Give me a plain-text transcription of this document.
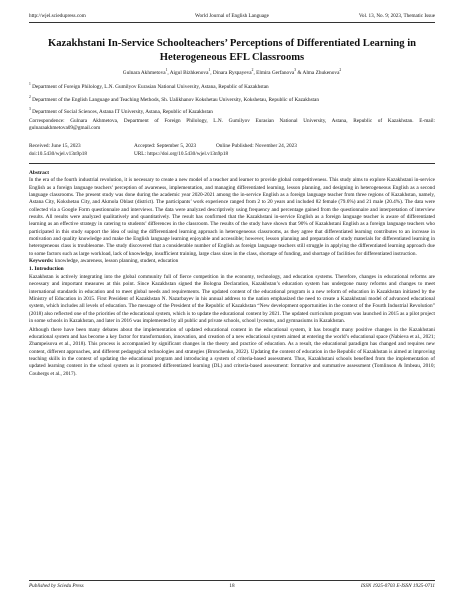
http://wjel.sciedupress.com	World Journal of English Language	Vol. 13, No. 9; 2023, Thematic Issue
Kazakhstani In-Service Schoolteachers’ Perceptions of Differentiated Learning in Heterogeneous EFL Classrooms
Gulnara Akhmetova$^1$, Aigul Bizhkenova$^1$, Dinara Ryspayeva$^2$, Elmira Gerfanova$^3$ & Alma Zhukenova$^2$
$^1$ Department of Foreign Philology, L.N. Gumilyov Eurasian National University, Astana, Republic of Kazakhstan
$^2$ Department of the English Language and Teaching Methods, Sh. Ualikhanov Kokshetau University, Kokshetau, Republic of Kazakhstan
$^3$ Department of Social Sciences, Astana IT University, Astana, Republic of Kazakhstan
Correspondence: Gulnara Akhmetova, Department of Foreign Philology, L.N. Gumilyov Eurasian National University, Astana, Republic of Kazakhstan. E-mail: gulnaraakhmetova09@gmail.com
Received: June 15, 2023	Accepted: September 5, 2023	Online Published: November 24, 2023
doi:10.5430/wjel.v13n9p18	URL: https://doi.org/10.5430/wjel.v13n9p18
Abstract

In the era of the fourth industrial revolution, it is necessary to create a new model of a teacher and learner to provide global competitiveness. This study aims to explore Kazakhstani in-service English as a foreign language teachers’ perception of awareness, implementation, and managing differentiated learning, lesson planning, and designing in heterogeneous English as a second language classrooms. The present study was done during the academic year 2020-2021 among the in-service English as a foreign language teacher from three regions of Kazakhstan, namely, Astana City, Kokshetau City, and Akmola Oblast (district). The participants’ work experience ranged from 2 to 20 years and included 82 female (79.6%) and 21 male (20.4%). The data were collected via a Google Form questionnaire and interviews. The data were analyzed descriptively using frequency and percentage gained from the questionnaire and interpretation of interview results. All results were analyzed qualitatively and quantitatively. The result has confirmed that the Kazakhstani in-service English as a foreign language teacher is aware of differentiated learning as an effective strategy in catering to students’ differences in the classroom. The results of the study have shown that 90% of Kazakhstani English as a foreign language teachers who participated in this study support the idea of using the differentiated learning approach in heterogeneous classrooms, as they agree that differentiated learning contributes to an increase in motivation and quality knowledge and make the English language learning enjoyable and accessible; however, lesson planning and preparation of study materials for differentiated learning in heterogeneous class is troublesome. The study discovered that a considerable number of English as foreign language teachers still struggle in applying the differentiated learning approach due to some factors such as large workload, lack of knowledge, insufficient training, large class sizes in the class, shortage of funding, and shortage of facilities for differentiated instruction.

Keywords: knowledge, awareness, lesson planning, student, education

1. Introduction

Kazakhstan is actively integrating into the global community full of fierce competition in the economy, technology, and education systems. Therefore, changes in educational reforms are necessary and important measures at this point. Since Kazakhstan signed the Bologna Declaration, Kazakhstan’s education system has undergone many reforms and changes to meet international standards in education and to meet global needs and requirements. The updated content of the educational program is a new reform of education in Kazakhstan initiated by the Ministry of Education in 2015. First President of Kazakhstan N. Nazarbayev in his annual address to the nation emphasized the need to create a Kazakhstani model of advanced educational system, which includes all levels of education. The message of the President of the Republic of Kazakhstan “New development opportunities in the context of the Fourth Industrial Revolution” (2018) also reflected one of the priorities of the educational system, which is to update the educational content by 2021. The updated curriculum program was launched in 2015 as a pilot project in some schools in Kazakhstan, and later in 2016 was implemented by all public and private schools, school lyceums, and gymnasiums in Kazakhstan.

Although there have been many debates about the implementation of updated educational content in the educational system, it has brought many positive changes in the Kazakhstani educational system and has become a key factor for transformation, innovation, and creation of a new educational system aimed at entering the world’s educational space (Nabieva et al., 2021; Zhampeisova et al., 2018). This process is accompanied by significant changes in the theory and practice of education. As a result, the educational paradigm has changed and requires new content, different approaches, and different pedagogical technologies and strategies (Bronchenko, 2022). Updating the content of education in the Republic of Kazakhstan is aimed at improving teaching skills in the context of updating the educational program and introducing a system of criteria-based assessment. Thus, Kazakhstani schools benefited from the implementation of updated learning content in the school system as it promoted differentiated learning (DL) and criteria-based assessment: formative and summative assessment (Tomlinson & Imbeau, 2010; Coubergs et al., 2017).

Published by Sciedu Press	18	ISSN 1925-0703 E-ISSN 1925-0711
